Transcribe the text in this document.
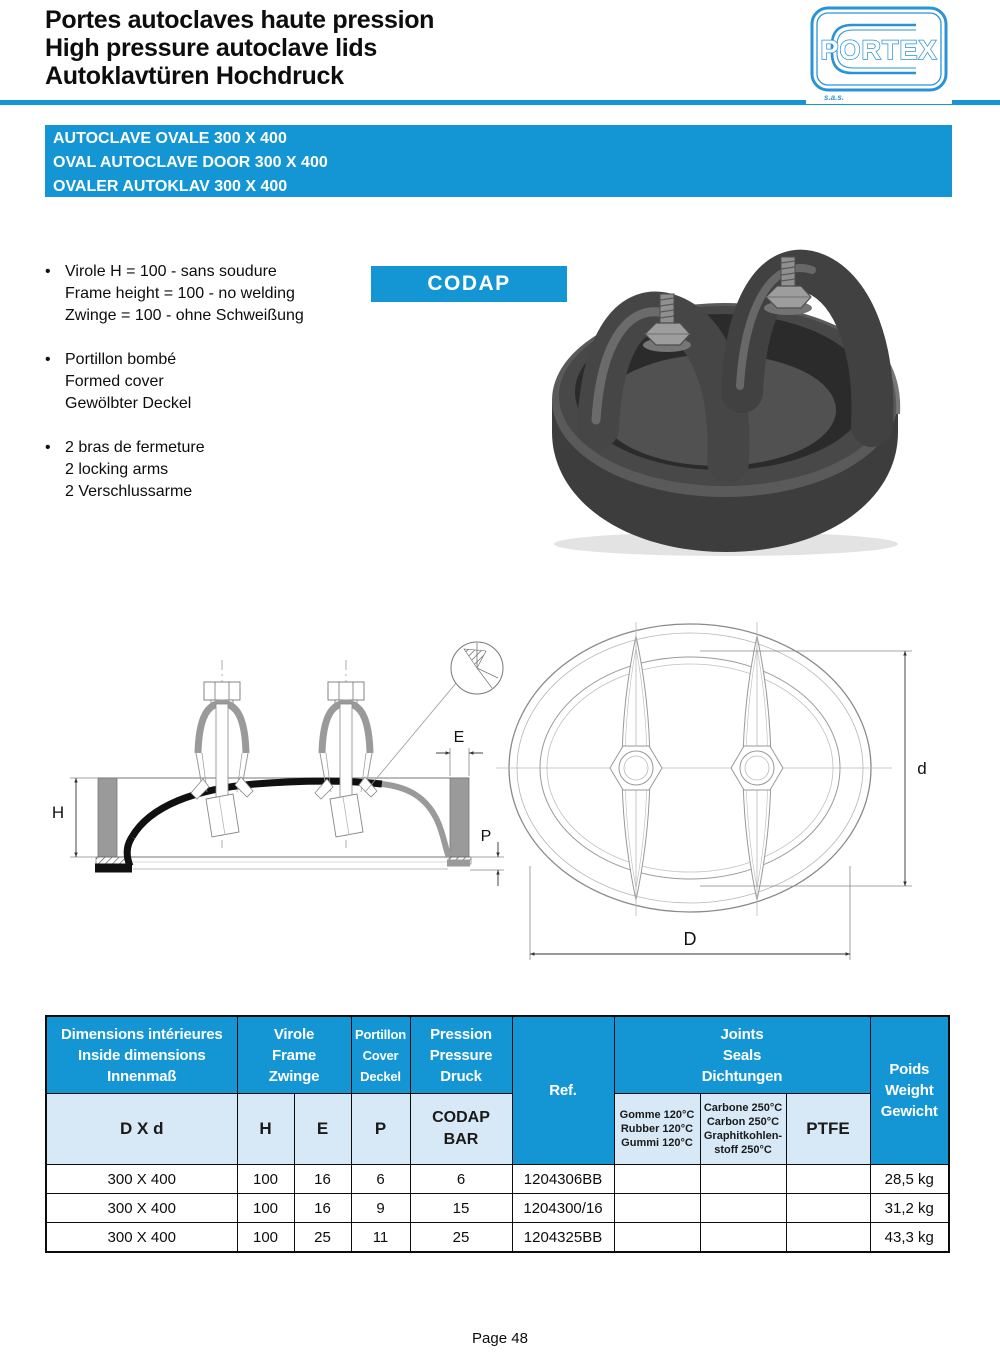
Portes autoclaves haute pression
High pressure autoclave lids
Autoklavtüren Hochdruck
PORTEX
s.a.s.
AUTOCLAVE OVALE 300 X 400
OVAL AUTOCLAVE DOOR 300 X 400
OVALER AUTOKLAV 300 X 400
• Virole H = 100 - sans soudure
Frame height = 100 - no welding
Zwinge = 100 - ohne Schweißung
• Portillon bombé
Formed cover
Gewölbter Deckel
• 2 bras de fermeture
2 locking arms
2 Verschlussarme
CODAP
H
E
P
d
D
Dimensions intérieures
Inside dimensions
Innenmaß

Virole
Frame
Zwinge

Portillon
Cover
Deckel

Pression
Pressure
Druck
	Ref.	
Joints
Seals
Dichtungen	Poids
Weight
Gewicht

D X d	H	E	P	
CODAP
BAR

Gomme 120°C
Rubber 120°C
Gummi 120°C

Carbone 250°C
Carbon 250°C
Graphitkohlen-
stoff 250°C
	PTFE
300 X 400	100	16	6	6	1204306BB				28,5 kg
300 X 400	100	16	9	15	1204300/16				31,2 kg
300 X 400	100	25	11	25	1204325BB				43,3 kg
Page 48
